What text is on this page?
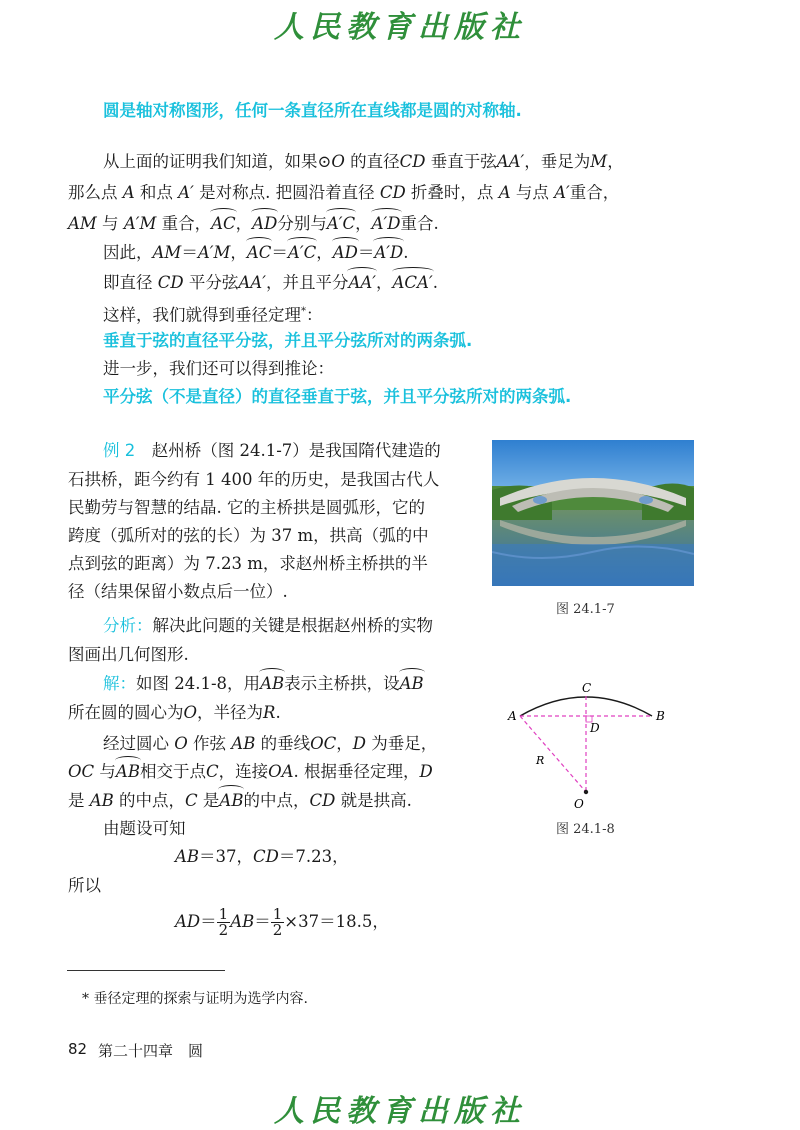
人民教育出版社
圆是轴对称图形，任何一条直径所在直线都是圆的对称轴.
从上面的证明我们知道，如果⊙O 的直径CD 垂直于弦AA′，垂足为M，
那么点 A 和点 A′ 是对称点. 把圆沿着直径 CD 折叠时，点 A 与点 A′重合，
AM 与 A′M 重合，AC，AD分别与A′C，A′D重合.
因此，AM＝A′M，AC＝A′C，AD＝A′D.
即直径 CD 平分弦AA′，并且平分AA′，ACA′.
这样，我们就得到垂径定理*：
垂直于弦的直径平分弦，并且平分弦所对的两条弧.
进一步，我们还可以得到推论：
平分弦（不是直径）的直径垂直于弦，并且平分弦所对的两条弧.
例 2　 赵州桥（图 24.1-7）是我国隋代建造的
石拱桥，距今约有 1 400 年的历史，是我国古代人
民勤劳与智慧的结晶. 它的主桥拱是圆弧形，它的
跨度（弧所对的弦的长）为 37 m，拱高（弧的中
点到弦的距离）为 7.23 m，求赵州桥主桥拱的半
径（结果保留小数点后一位）.
分析：解决此问题的关键是根据赵州桥的实物
图画出几何图形.
解：如图 24.1-8，用AB表示主桥拱，设AB
所在圆的圆心为O，半径为R.
经过圆心 O 作弦 AB 的垂线OC，D 为垂足，
OC 与AB相交于点C，连接OA. 根据垂径定理，D
是 AB 的中点，C 是AB的中点，CD 就是拱高.
由题设可知
AB＝37，CD＝7.23，
所以
$AD= \frac{1}{2} AB= \frac{1}{2} \times 37=18.5$，
图 24.1-7
A	B
C
D
O
R
图 24.1-8
* 垂径定理的探索与证明为选学内容.
82 第二十四章　圆
人民教育出版社
